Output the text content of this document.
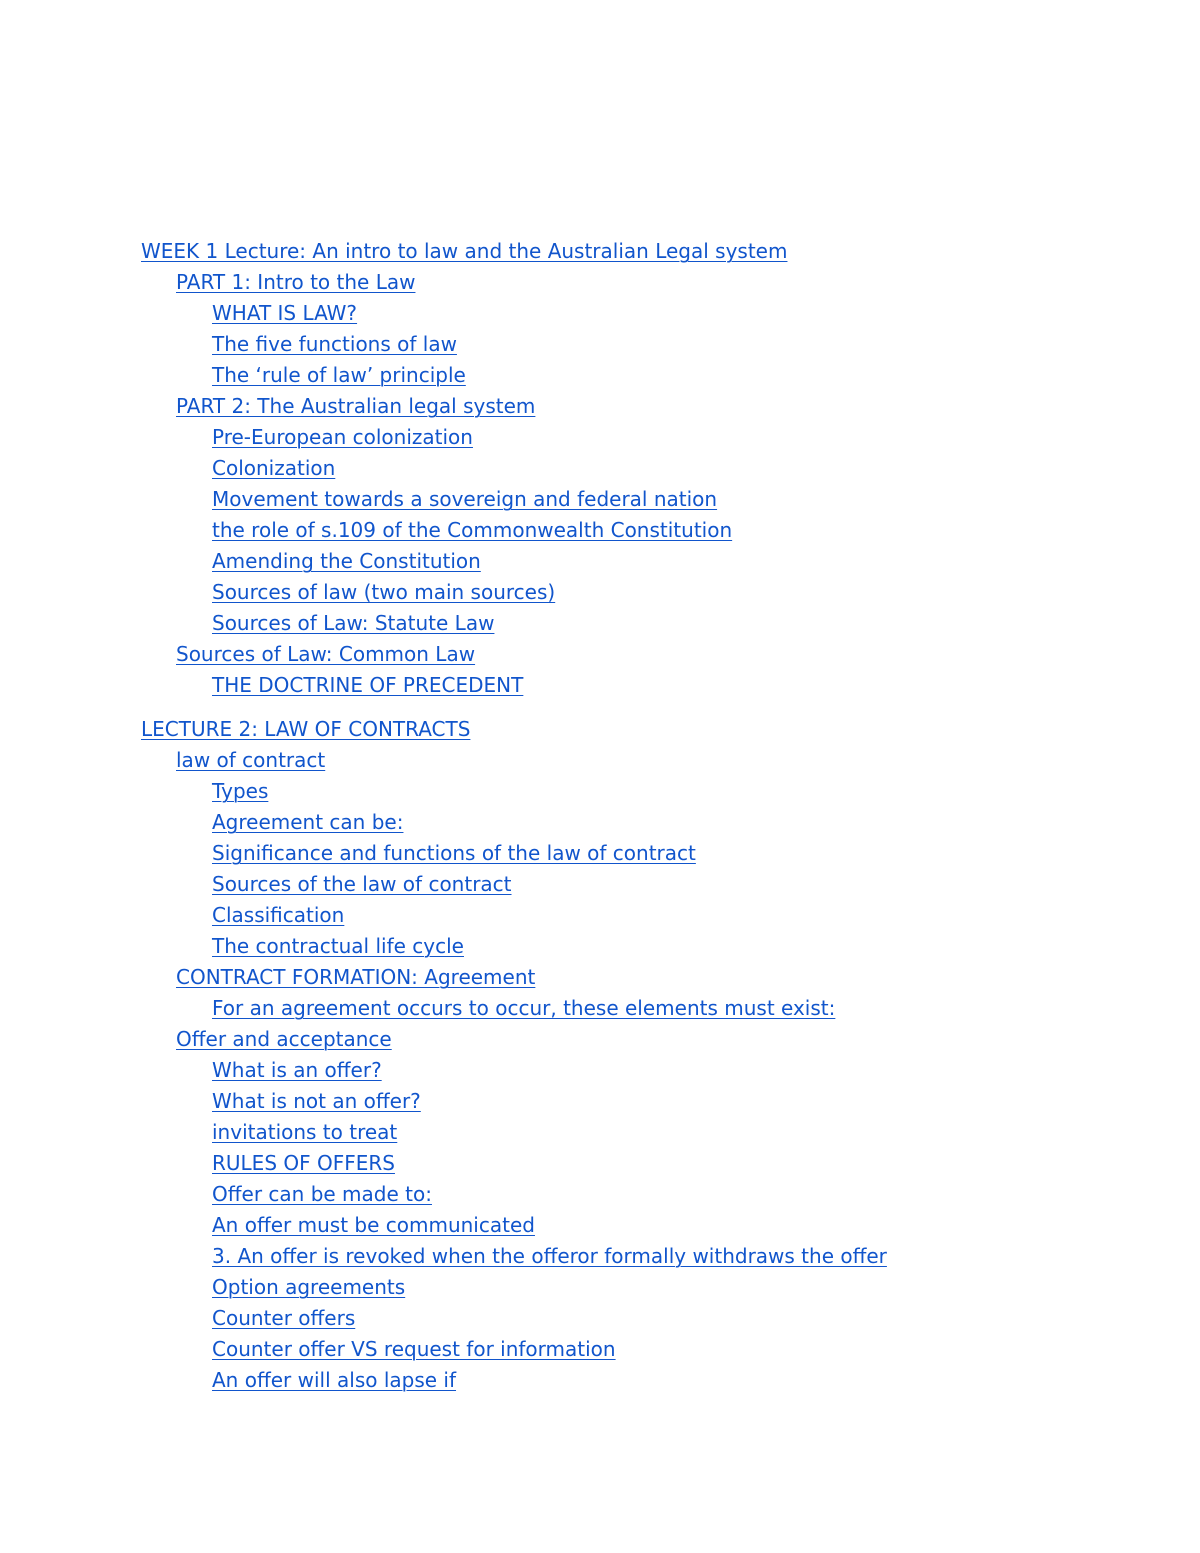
WEEK 1 Lecture: An intro to law and the Australian Legal system
PART 1: Intro to the Law
WHAT IS LAW?
The five functions of law
The ‘rule of law’ principle
PART 2: The Australian legal system
Pre-European colonization
Colonization
Movement towards a sovereign and federal nation
the role of s.109 of the Commonwealth Constitution
Amending the Constitution
Sources of law (two main sources)
Sources of Law: Statute Law
Sources of Law: Common Law
THE DOCTRINE OF PRECEDENT
LECTURE 2: LAW OF CONTRACTS
law of contract
Types
Agreement can be:
Significance and functions of the law of contract
Sources of the law of contract
Classification
The contractual life cycle
CONTRACT FORMATION: Agreement
For an agreement occurs to occur, these elements must exist:
Offer and acceptance
What is an offer?
What is not an offer?
invitations to treat
RULES OF OFFERS
Offer can be made to:
An offer must be communicated
3. An offer is revoked when the offeror formally withdraws the offer
Option agreements
Counter offers
Counter offer VS request for information
An offer will also lapse if
